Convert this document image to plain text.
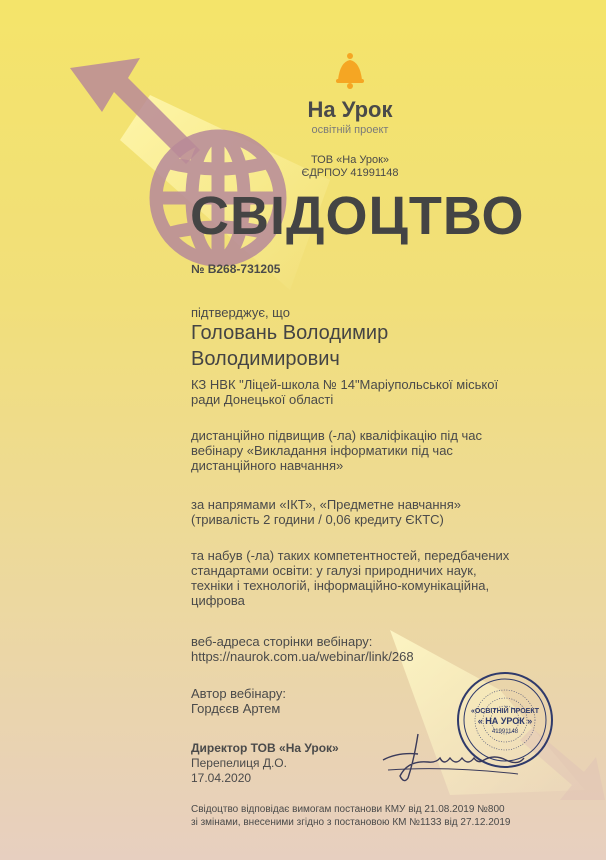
На Урок
освітній проект
ТОВ «На Урок»
ЄДРПОУ 41991148
СВІДОЦТВО
№ В268-731205
підтверджує, що
Головань Володимир
Володимирович
КЗ НВК "Ліцей-школа № 14"Маріупольської міської
ради Донецької області
дистанційно підвищив (-ла) кваліфікацію під час
вебінару «Викладання інформатики під час
дистанційного навчання»
за напрямами «ІКТ», «Предметне навчання»
(тривалість 2 години / 0,06 кредиту ЄКТС)
та набув (-ла) таких компетентностей, передбачених
стандартами освіти: у галузі природничих наук,
техніки і технологій, інформаційно-комунікаційна,
цифрова
веб-адреса сторінки вебінару:
https://naurok.com.ua/webinar/link/268
Автор вебінару:
Гордєєв Артем
Директор ТОВ «На Урок»
Перепелиця Д.О.
17.04.2020
«ОСВІТНІЙ ПРОЕКТ
« НА УРОК »
41991148
Свідоцтво відповідає вимогам постанови КМУ від 21.08.2019 №800
зі змінами, внесеними згідно з постановою КМ №1133 від 27.12.2019
